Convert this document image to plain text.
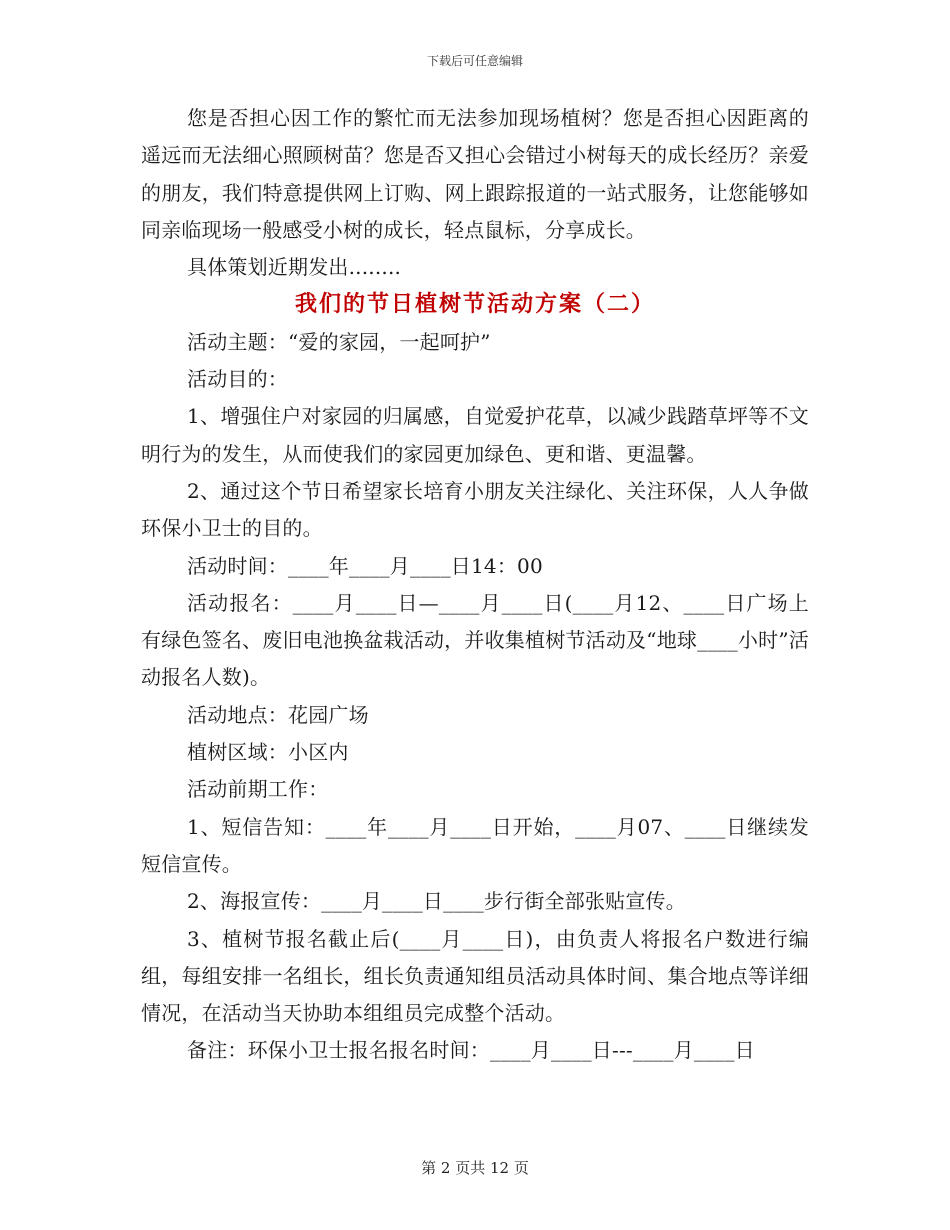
下载后可任意编辑

您是否担心因工作的繁忙而无法参加现场植树？您是否担心因距离的遥远而无法细心照顾树苗？您是否又担心会错过小树每天的成长经历？亲爱的朋友，我们特意提供网上订购、网上跟踪报道的一站式服务，让您能够如同亲临现场一般感受小树的成长，轻点鼠标，分享成长。

具体策划近期发出........

我们的节日植树节活动方案（二）

活动主题：“爱的家园，一起呵护”

活动目的：

1、增强住户对家园的归属感，自觉爱护花草，以减少践踏草坪等不文明行为的发生，从而使我们的家园更加绿色、更和谐、更温馨。

2、通过这个节日希望家长培育小朋友关注绿化、关注环保，人人争做环保小卫士的目的。

活动时间：____年____月____日14：00

活动报名：____月____日—____月____日(____月12、____日广场上有绿色签名、废旧电池换盆栽活动，并收集植树节活动及“地球____小时”活动报名人数)。

活动地点：花园广场

植树区域：小区内

活动前期工作：

1、短信告知：____年____月____日开始，____月07、____日继续发短信宣传。

2、海报宣传：____月____日____步行街全部张贴宣传。

3、植树节报名截止后(____月____日)，由负责人将报名户数进行编组，每组安排一名组长，组长负责通知组员活动具体时间、集合地点等详细情况，在活动当天协助本组组员完成整个活动。

备注：环保小卫士报名报名时间：____月____日---____月____日

第 2 页共 12 页
